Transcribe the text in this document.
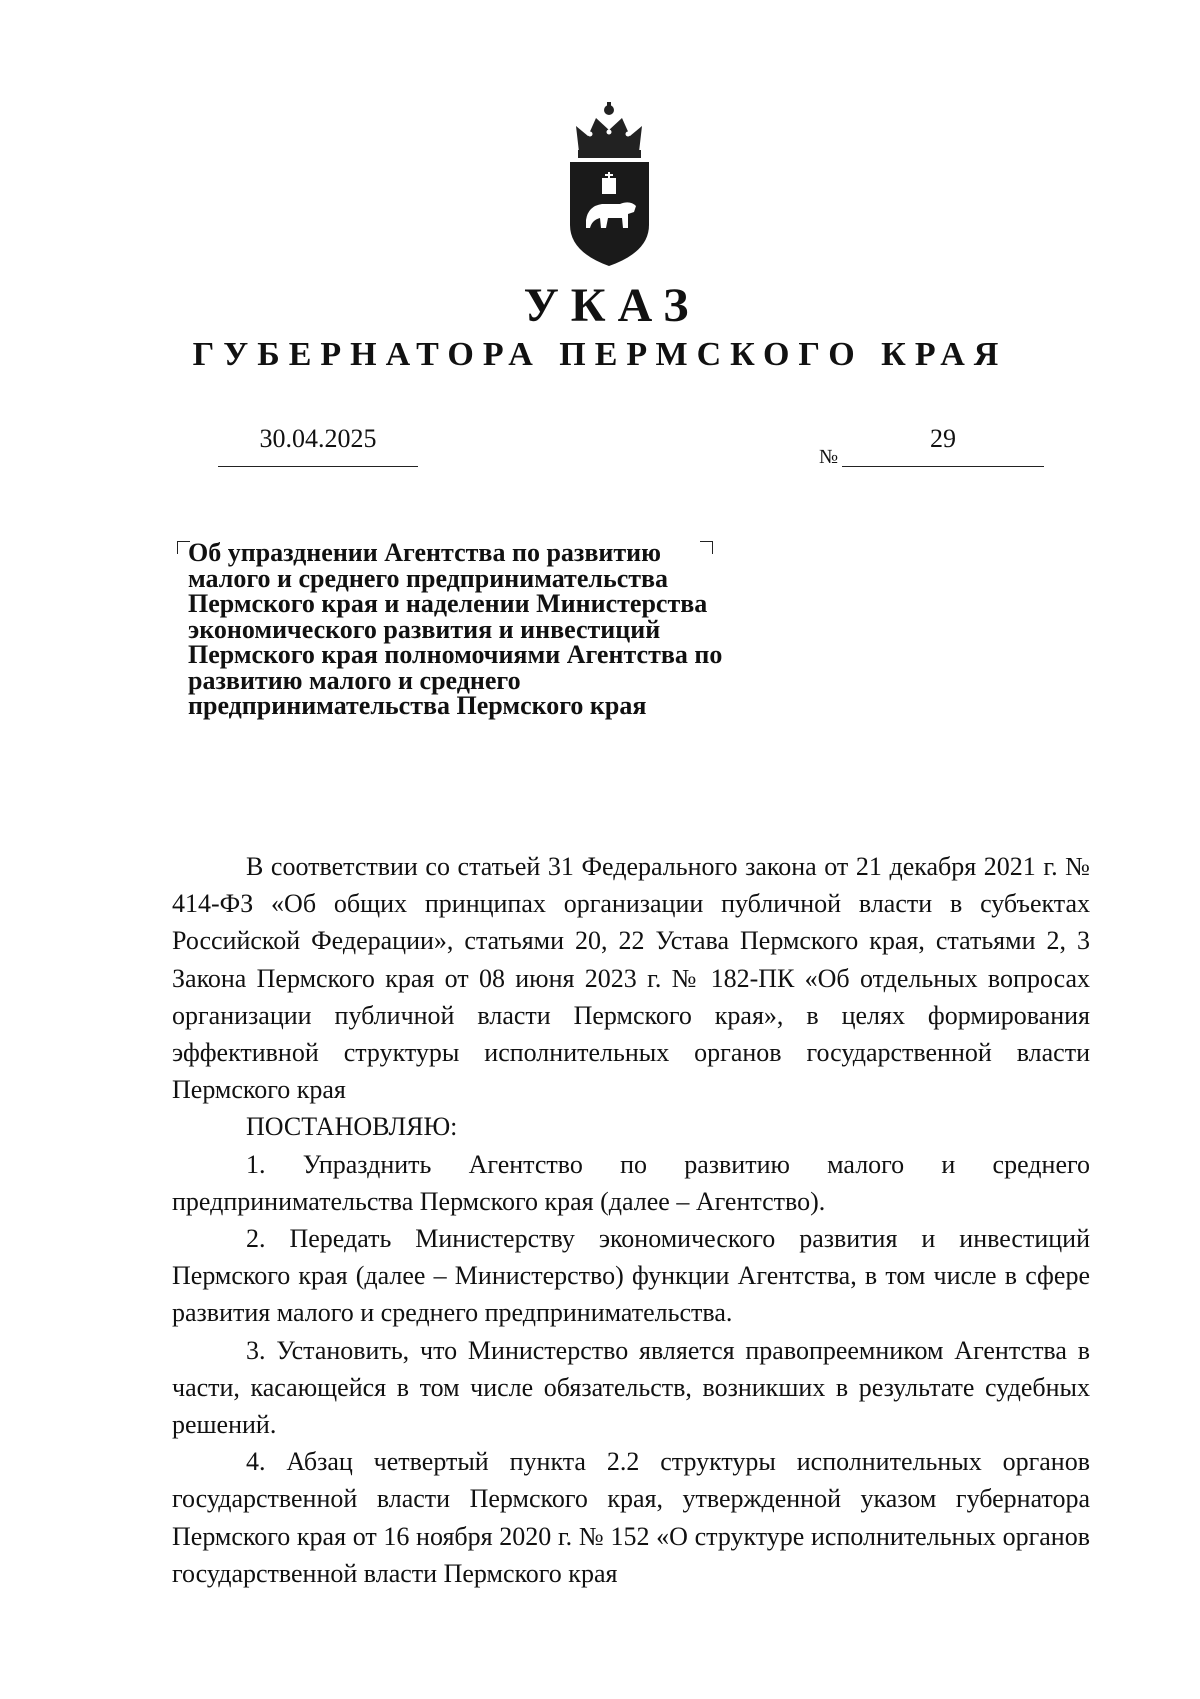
УКАЗ
ГУБЕРНАТОРА ПЕРМСКОГО КРАЯ
30.04.2025
№
29
Об упразднении Агентства по развитию малого и среднего предпринимательства Пермского края и наделении Министерства экономического развития и инвестиций Пермского края полномочиями Агентства по развитию малого и среднего предпринимательства Пермского края

В соответствии со статьей 31 Федерального закона от 21 декабря 2021 г. № 414-ФЗ «Об общих принципах организации публичной власти в субъектах Российской Федерации», статьями 20, 22 Устава Пермского края, статьями 2, 3 Закона Пермского края от 08 июня 2023 г. № 182-ПК «Об отдельных вопросах организации публичной власти Пермского края», в целях формирования эффективной структуры исполнительных органов государственной власти Пермского края

ПОСТАНОВЛЯЮ:

1. Упразднить Агентство по развитию малого и среднего предпринимательства Пермского края (далее – Агентство).

2. Передать Министерству экономического развития и инвестиций Пермского края (далее – Министерство) функции Агентства, в том числе в сфере развития малого и среднего предпринимательства.

3. Установить, что Министерство является правопреемником Агентства в части, касающейся в том числе обязательств, возникших в результате судебных решений.

4. Абзац четвертый пункта 2.2 структуры исполнительных органов государственной власти Пермского края, утвержденной указом губернатора Пермского края от 16 ноября 2020 г. № 152 «О структуре исполнительных органов государственной власти Пермского края
